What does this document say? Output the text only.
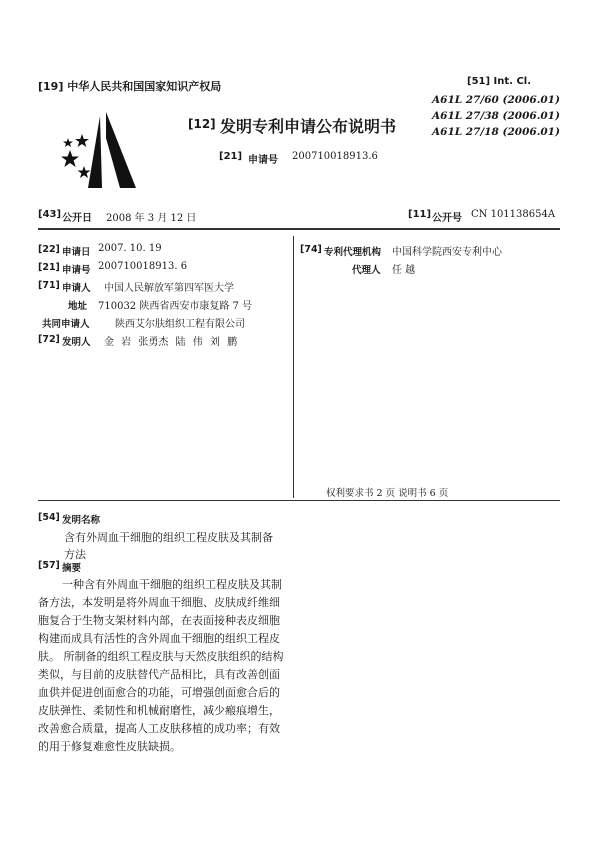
[19] 中华人民共和国国家知识产权局	[51] Int. Cl.
A61L 27/60 (2006.01)
A61L 27/38 (2006.01)
A61L 27/18 (2006.01)
[12] 发明专利申请公布说明书
[21] 申请号 200710018913.6
[43] 公开日 2008 年 3 月 12 日	[11] 公开号 CN 101138654A
[22] 申请日 2007. 10. 19
[21] 申请号 200710018913. 6
[71] 申请人 中国人民解放军第四军医大学
地址 710032 陕西省西安市康复路 7 号
共同申请人	陕西艾尔肤组织工程有限公司
[72] 发明人 金 岩 张勇杰 陆 伟 刘 鹏
[74] 专利代理机构 中国科学院西安专利中心
代理人 任 越
权利要求书 2 页 说明书 6 页
[54] 发明名称
含有外周血干细胞的组织工程皮肤及其制备
方法
[57] 摘要

一种含有外周血干细胞的组织工程皮肤及其制

备方法，本发明是将外周血干细胞、皮肤成纤维细

胞复合于生物支架材料内部，在表面接种表皮细胞

构建而成具有活性的含外周血干细胞的组织工程皮

肤。 所制备的组织工程皮肤与天然皮肤组织的结构

类似，与目前的皮肤替代产品相比，具有改善创面

血供并促进创面愈合的功能，可增强创面愈合后的

皮肤弹性、柔韧性和机械耐磨性，减少瘢痕增生，

改善愈合质量，提高人工皮肤移植的成功率；有效

的用于修复难愈性皮肤缺损。
